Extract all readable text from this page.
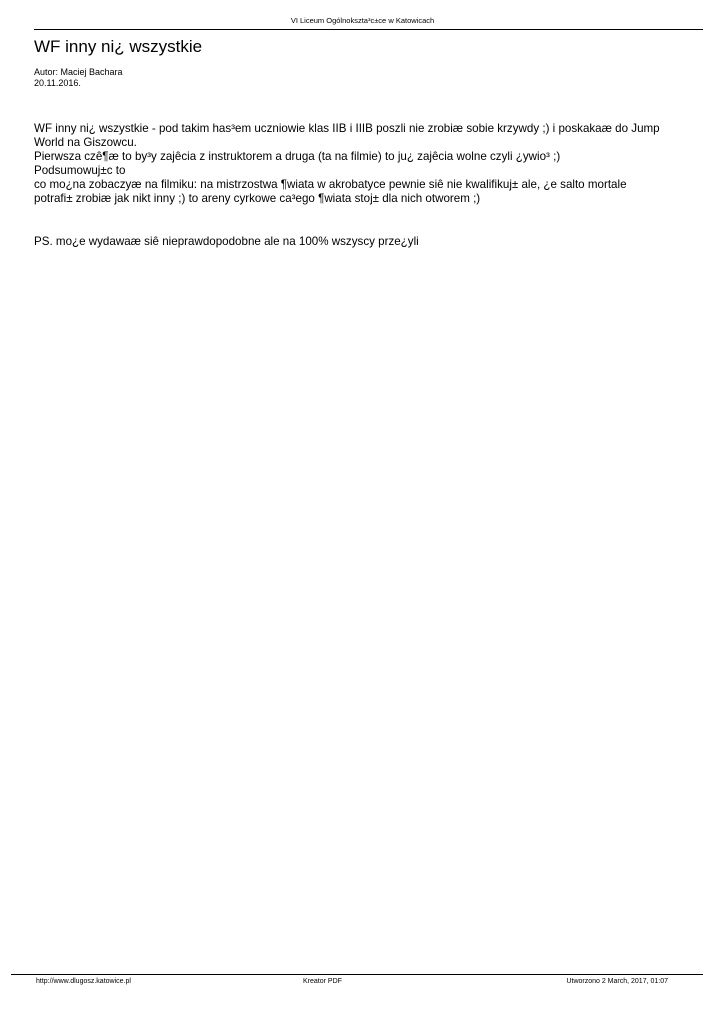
VI Liceum Ogólnokszta³c±ce w Katowicach
WF inny ni¿ wszystkie
Autor: Maciej Bachara
20.11.2016.
WF inny ni¿ wszystkie - pod takim has³em uczniowie klas IIB i IIIB poszli nie zrobiæ sobie krzywdy ;) i poskakaæ do Jump
World na Giszowcu.
Pierwsza czê¶æ to by³y zajêcia z instruktorem a druga (ta na filmie) to ju¿ zajêcia wolne czyli ¿ywio³ ;)
Podsumowuj±c to
co mo¿na zobaczyæ na filmiku: na mistrzostwa ¶wiata w akrobatyce pewnie siê nie kwalifikuj± ale, ¿e salto mortale
potrafi± zrobiæ jak nikt inny ;) to areny cyrkowe ca³ego ¶wiata stoj± dla nich otworem ;)
PS. mo¿e wydawaæ siê nieprawdopodobne ale na 100% wszyscy prze¿yli
http://www.dlugosz.katowice.pl	Kreator PDF	Utworzono 2 March, 2017, 01:07
